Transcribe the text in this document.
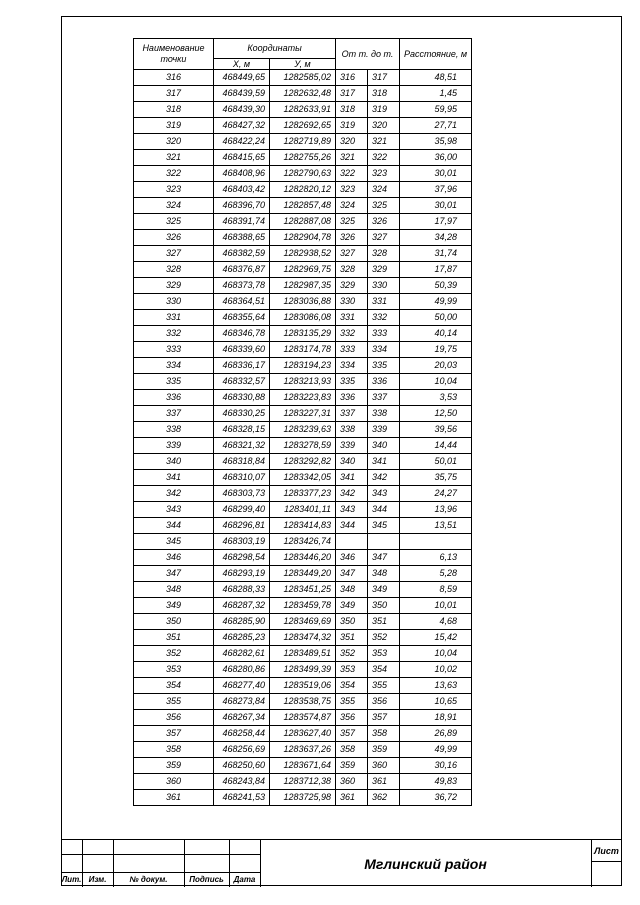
Наименование точки	Координаты		От т. до т.		Расстояние, м
	X, м	У, м			
316	468449,65	1282585,02	316	317	48,51
317	468439,59	1282632,48	317	318	1,45
318	468439,30	1282633,91	318	319	59,95
319	468427,32	1282692,65	319	320	27,71
320	468422,24	1282719,89	320	321	35,98
321	468415,65	1282755,26	321	322	36,00
322	468408,96	1282790,63	322	323	30,01
323	468403,42	1282820,12	323	324	37,96
324	468396,70	1282857,48	324	325	30,01
325	468391,74	1282887,08	325	326	17,97
326	468388,65	1282904,78	326	327	34,28
327	468382,59	1282938,52	327	328	31,74
328	468376,87	1282969,75	328	329	17,87
329	468373,78	1282987,35	329	330	50,39
330	468364,51	1283036,88	330	331	49,99
331	468355,64	1283086,08	331	332	50,00
332	468346,78	1283135,29	332	333	40,14
333	468339,60	1283174,78	333	334	19,75
334	468336,17	1283194,23	334	335	20,03
335	468332,57	1283213,93	335	336	10,04
336	468330,88	1283223,83	336	337	3,53
337	468330,25	1283227,31	337	338	12,50
338	468328,15	1283239,63	338	339	39,56
339	468321,32	1283278,59	339	340	14,44
340	468318,84	1283292,82	340	341	50,01
341	468310,07	1283342,05	341	342	35,75
342	468303,73	1283377,23	342	343	24,27
343	468299,40	1283401,11	343	344	13,96
344	468296,81	1283414,83	344	345	13,51
345	468303,19	1283426,74			
346	468298,54	1283446,20	346	347	6,13
347	468293,19	1283449,20	347	348	5,28
348	468288,33	1283451,25	348	349	8,59
349	468287,32	1283459,78	349	350	10,01
350	468285,90	1283469,69	350	351	4,68
351	468285,23	1283474,32	351	352	15,42
352	468282,61	1283489,51	352	353	10,04
353	468280,86	1283499,39	353	354	10,02
354	468277,40	1283519,06	354	355	13,63
355	468273,84	1283538,75	355	356	10,65
356	468267,34	1283574,87	356	357	18,91
357	468258,44	1283627,40	357	358	26,89
358	468256,69	1283637,26	358	359	49,99
359	468250,60	1283671,64	359	360	30,16
360	468243,84	1283712,38	360	361	49,83
361	468241,53	1283725,98	361	362	36,72
Лит. Изм.	№ докум.	Подпись	Дата
Мглинский район
Лист
